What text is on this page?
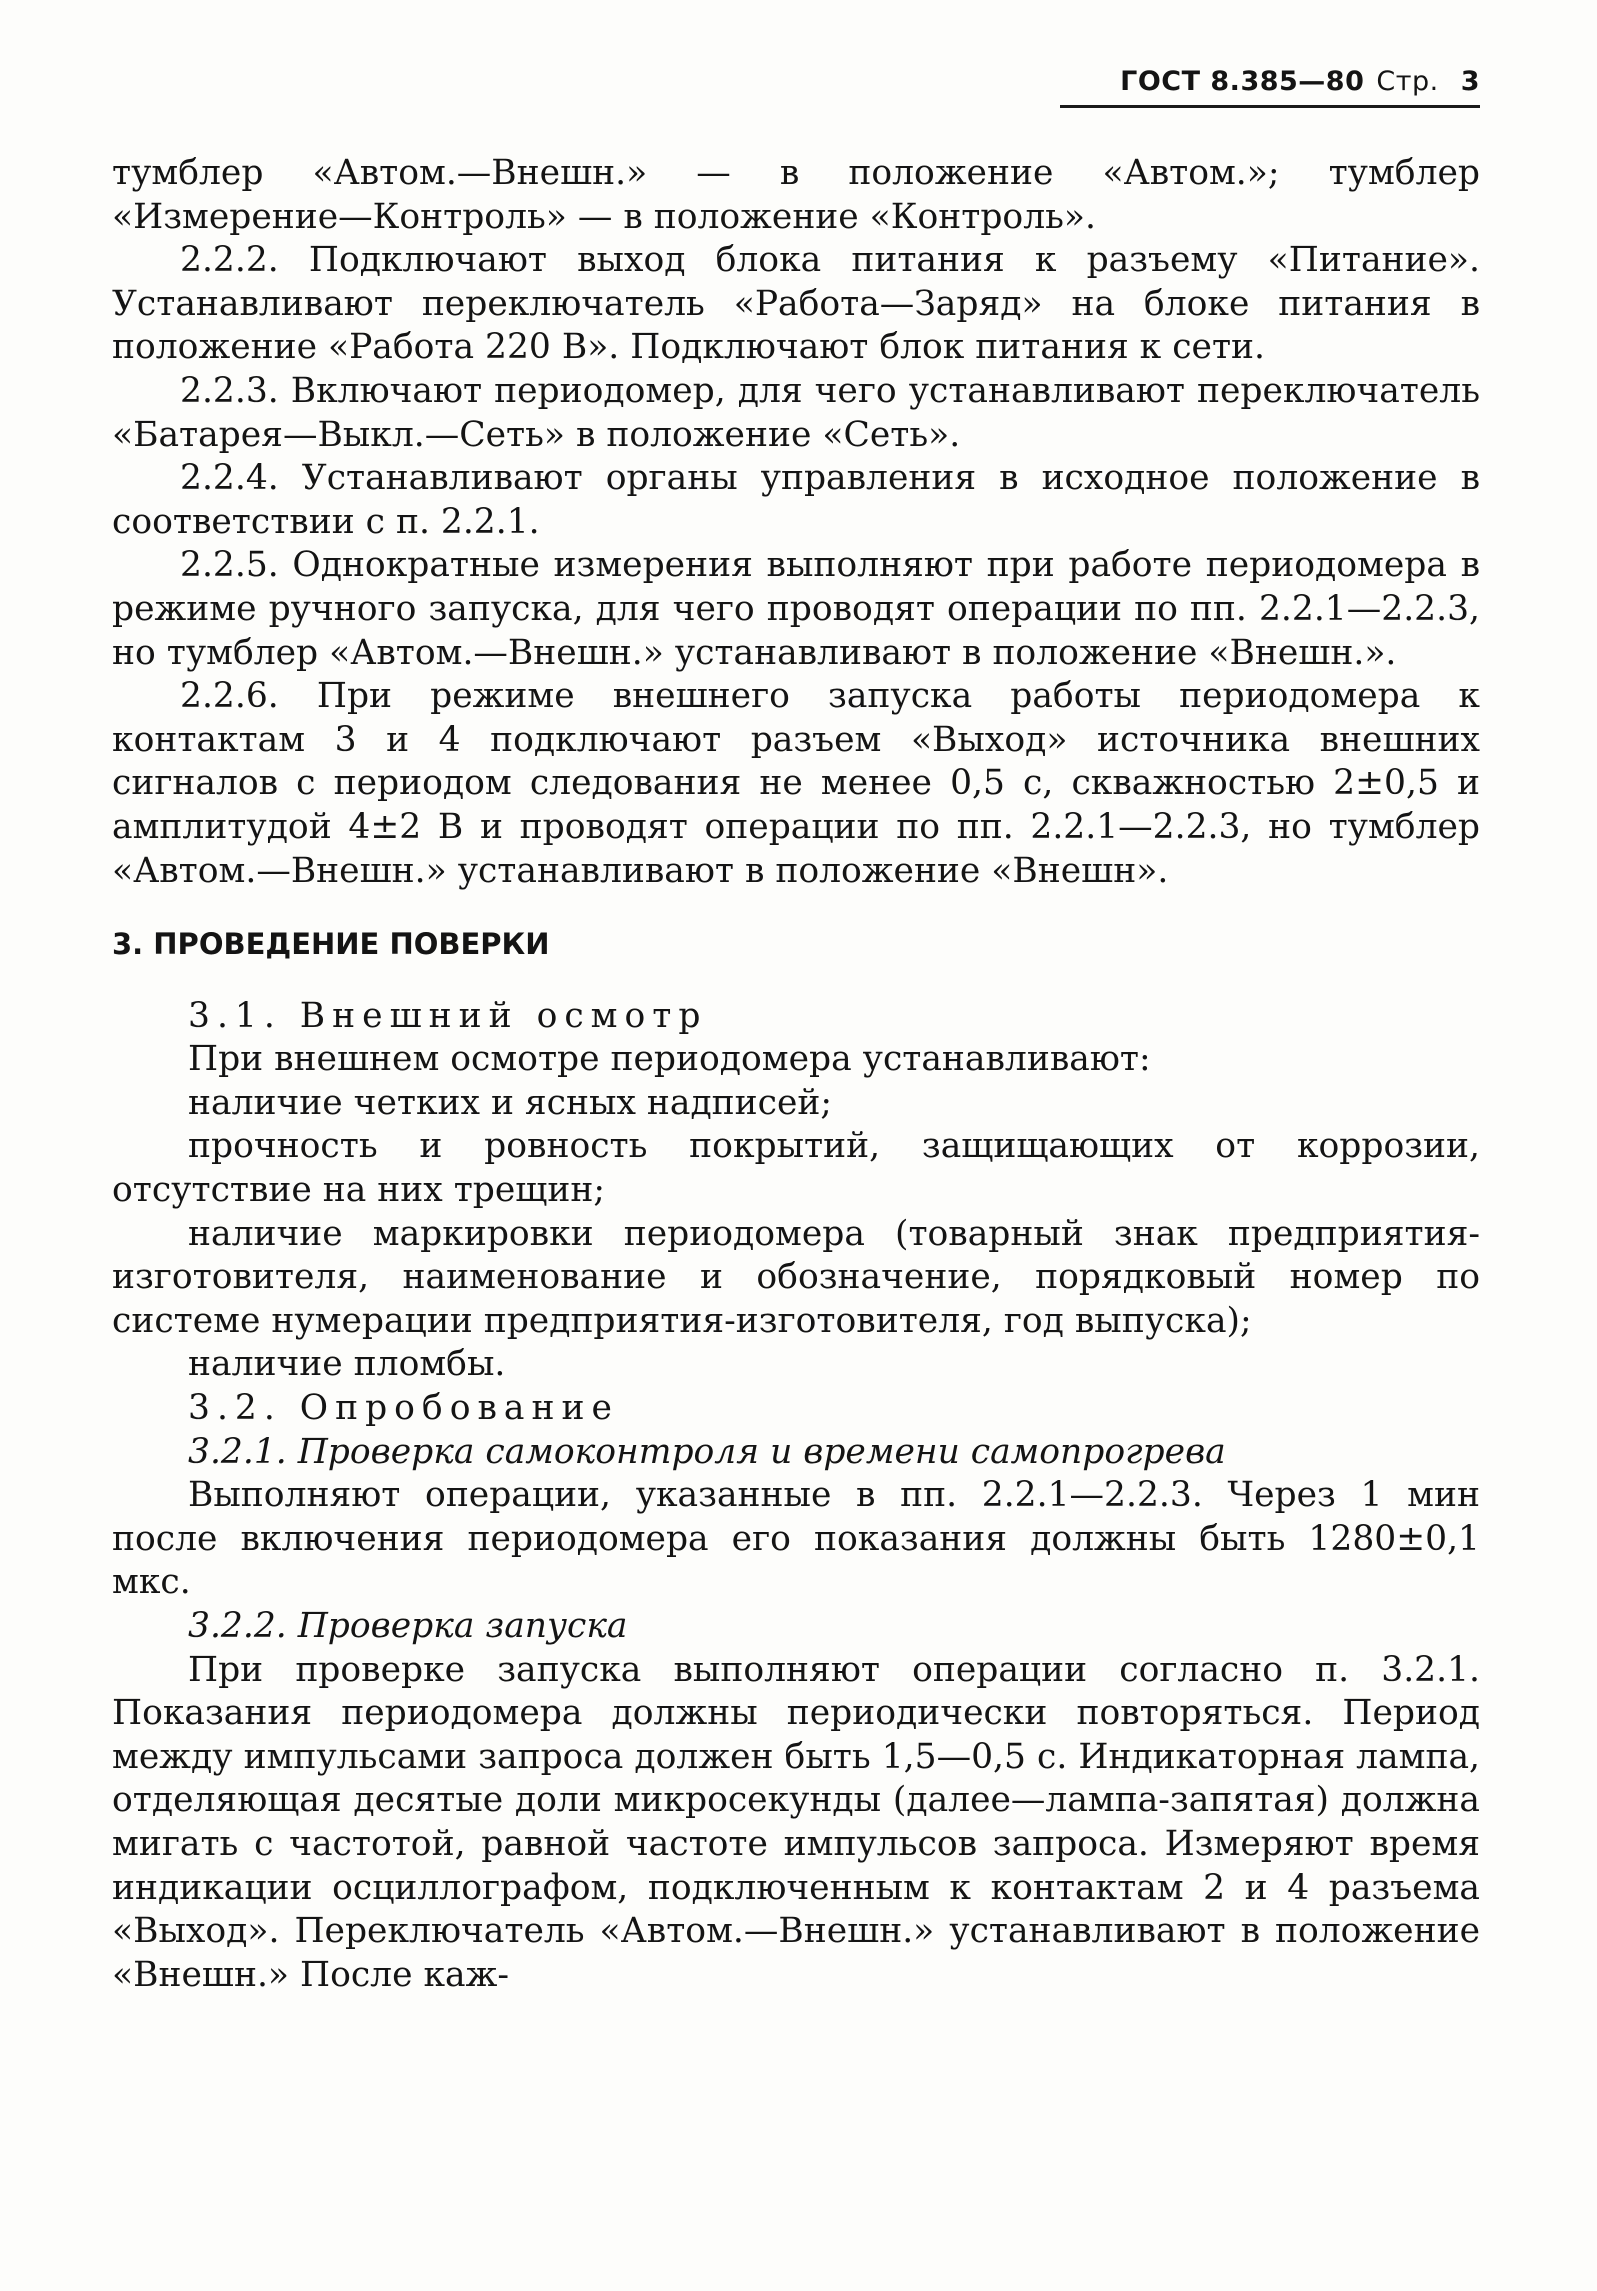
ГОСТ 8.385—80 Стр. 3

тумблер «Автом.—Внешн.» — в положение «Автом.»; тумблер «Измерение—Контроль» — в положение «Контроль».

2.2.2. Подключают выход блока питания к разъему «Питание». Устанавливают переключатель «Работа—Заряд» на блоке питания в положение «Работа 220 В». Подключают блок питания к сети.

2.2.3. Включают периодомер, для чего устанавливают переключатель «Батарея—Выкл.—Сеть» в положение «Сеть».

2.2.4. Устанавливают органы управления в исходное положение в соответствии с п. 2.2.1.

2.2.5. Однократные измерения выполняют при работе периодомера в режиме ручного запуска, для чего проводят операции по пп. 2.2.1—2.2.3, но тумблер «Автом.—Внешн.» устанавливают в положение «Внешн.».

2.2.6. При режиме внешнего запуска работы периодомера к контактам 3 и 4 подключают разъем «Выход» источника внешних сигналов с периодом следования не менее 0,5 с, скважностью 2±0,5 и амплитудой 4±2 В и проводят операции по пп. 2.2.1—2.2.3, но тумблер «Автом.—Внешн.» устанавливают в положение «Внешн».

3. ПРОВЕДЕНИЕ ПОВЕРКИ

3.1. Внешний осмотр

При внешнем осмотре периодомера устанавливают:

наличие четких и ясных надписей;

прочность и ровность покрытий, защищающих от коррозии, отсутствие на них трещин;

наличие маркировки периодомера (товарный знак предприятия-изготовителя, наименование и обозначение, порядковый номер по системе нумерации предприятия-изготовителя, год выпуска);

наличие пломбы.

3.2. Опробование

3.2.1. Проверка самоконтроля и времени самопрогрева

Выполняют операции, указанные в пп. 2.2.1—2.2.3. Через 1 мин после включения периодомера его показания должны быть 1280±0,1 мкс.

3.2.2. Проверка запуска

При проверке запуска выполняют операции согласно п. 3.2.1. Показания периодомера должны периодически повторяться. Период между импульсами запроса должен быть 1,5—0,5 с. Индикаторная лампа, отделяющая десятые доли микросекунды (далее—лампа-запятая) должна мигать с частотой, равной частоте импульсов запроса. Измеряют время индикации осциллографом, подключенным к контактам 2 и 4 разъема «Выход». Переключатель «Автом.—Внешн.» устанавливают в положение «Внешн.» После каж-
